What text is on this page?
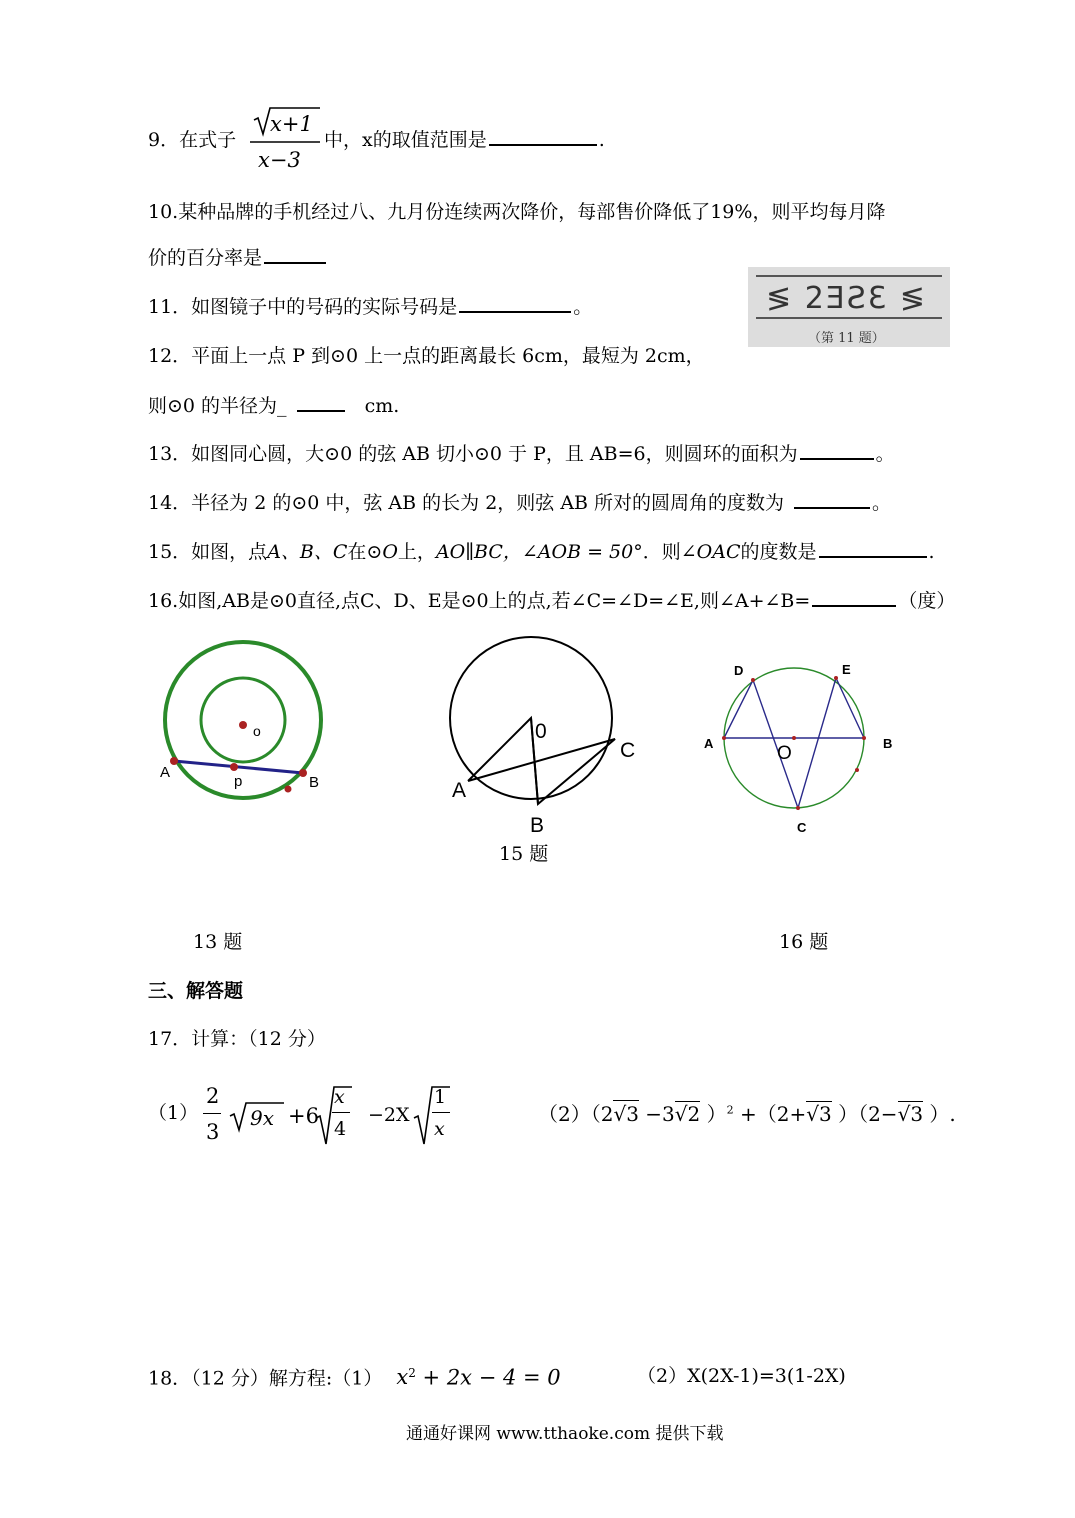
9．在式子
x+1
x−3
中，x的取值范围是	.
10.某种品牌的手机经过八、九月份连续两次降价，每部售价降低了19%，则平均每月降
价的百分率是
11．如图镜子中的号码的实际号码是	。	≶ 2ƎƧƐ ≶
（第 11 题）
12．平面上一点 P 到⊙0 上一点的距离最长 6cm，最短为 2cm，
则⊙0 的半径为_	cm.
13．如图同心圆，大⊙0 的弦 AB 切小⊙0 于 P，且 AB=6，则圆环的面积为	。
14．半径为 2 的⊙0 中，弦 AB 的长为 2，则弦 AB 所对的圆周角的度数为	。
15．如图，点A、B、C在⊙O上，AO∥BC，∠AOB = 50°．则∠OAC的度数是	.
16.如图,AB是⊙0直径,点C、D、E是⊙0上的点,若∠C=∠D=∠E,则∠A+∠B=	（度）
o
A
p	B
13 题
0
A
B
C
15 题
D	E
A	B
O
C
16 题
三、解答题
17．计算：（12 分）
（1）
2
3
9x +6
x
4
−2X
1
x
（2）（2√3 −3√2 ）$^2$ +（2+√3 ）（2−√3 ）.
18．（12 分）解方程:（1） $x^2 + 2x - 4 = 0$	（2）X(2X-1)=3(1-2X)
通通好课网 www.tthaoke.com 提供下载
